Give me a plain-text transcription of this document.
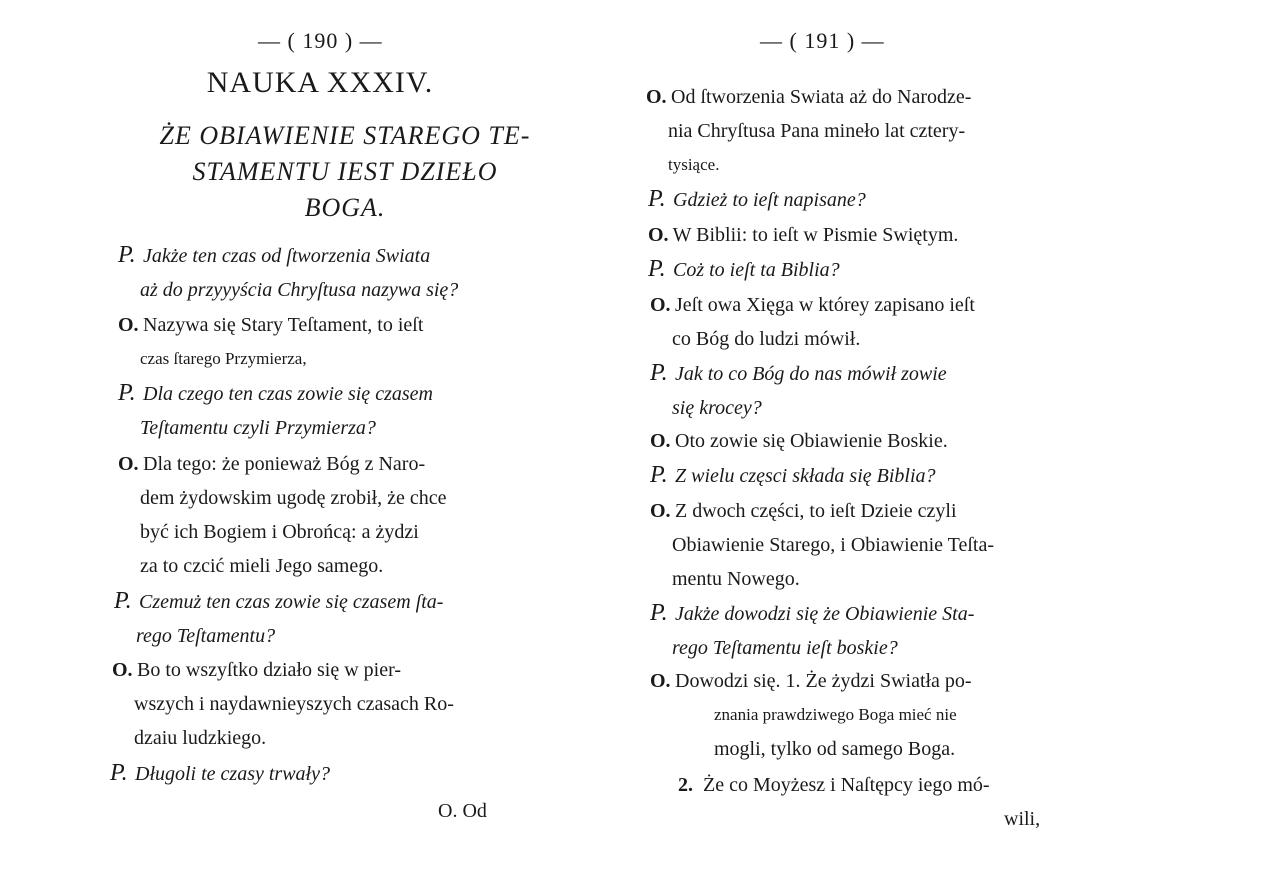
— ( 190 ) —
NAUKA XXXIV.
ŻE OBIAWIENIE STAREGO TE-
STAMENTU IEST DZIEŁO
BOGA.
P. Jakże ten czas od ſtworzenia Swiata
aż do przyyyścia Chryſtusa nazywa się?
O. Nazywa się Stary Teſtament, to ieſt
czas ſtarego Przymierza,
P. Dla czego ten czas zowie się czasem
Teſtamentu czyli Przymierza?
O. Dla tego: że ponieważ Bóg z Naro-
dem żydowskim ugodę zrobił, że chce
być ich Bogiem i Obrońcą: a żydzi
za to czcić mieli Jego samego.
P. Czemuż ten czas zowie się czasem ſta-
rego Teſtamentu?
O. Bo to wszyſtko działo się w pier-
wszych i naydawnieyszych czasach Ro-
dzaiu ludzkiego.
P. Długoli te czasy trwały?
O. Od
— ( 191 ) —
O. Od ſtworzenia Swiata aż do Narodze-
nia Chryſtusa Pana mineło lat cztery-
tysiące.
P. Gdzież to ieſt napisane?
O. W Biblii: to ieſt w Pismie Swiętym.
P. Coż to ieſt ta Biblia?
O. Jeſt owa Xięga w którey zapisano ieſt
co Bóg do ludzi mówił.
P. Jak to co Bóg do nas mówił zowie
się krocey?
O. Oto zowie się Obiawienie Boskie.
P. Z wielu częsci składa się Biblia?
O. Z dwoch części, to ieſt Dzieie czyli
Obiawienie Starego, i Obiawienie Teſta-
mentu Nowego.
P. Jakże dowodzi się że Obiawienie Sta-
rego Teſtamentu ieſt boskie?
O. Dowodzi się. 1. Że żydzi Swiatła po-
znania prawdziwego Boga mieć nie
mogli, tylko od samego Boga.
2. Że co Moyżesz i Naſtępcy iego mó-
wili,
